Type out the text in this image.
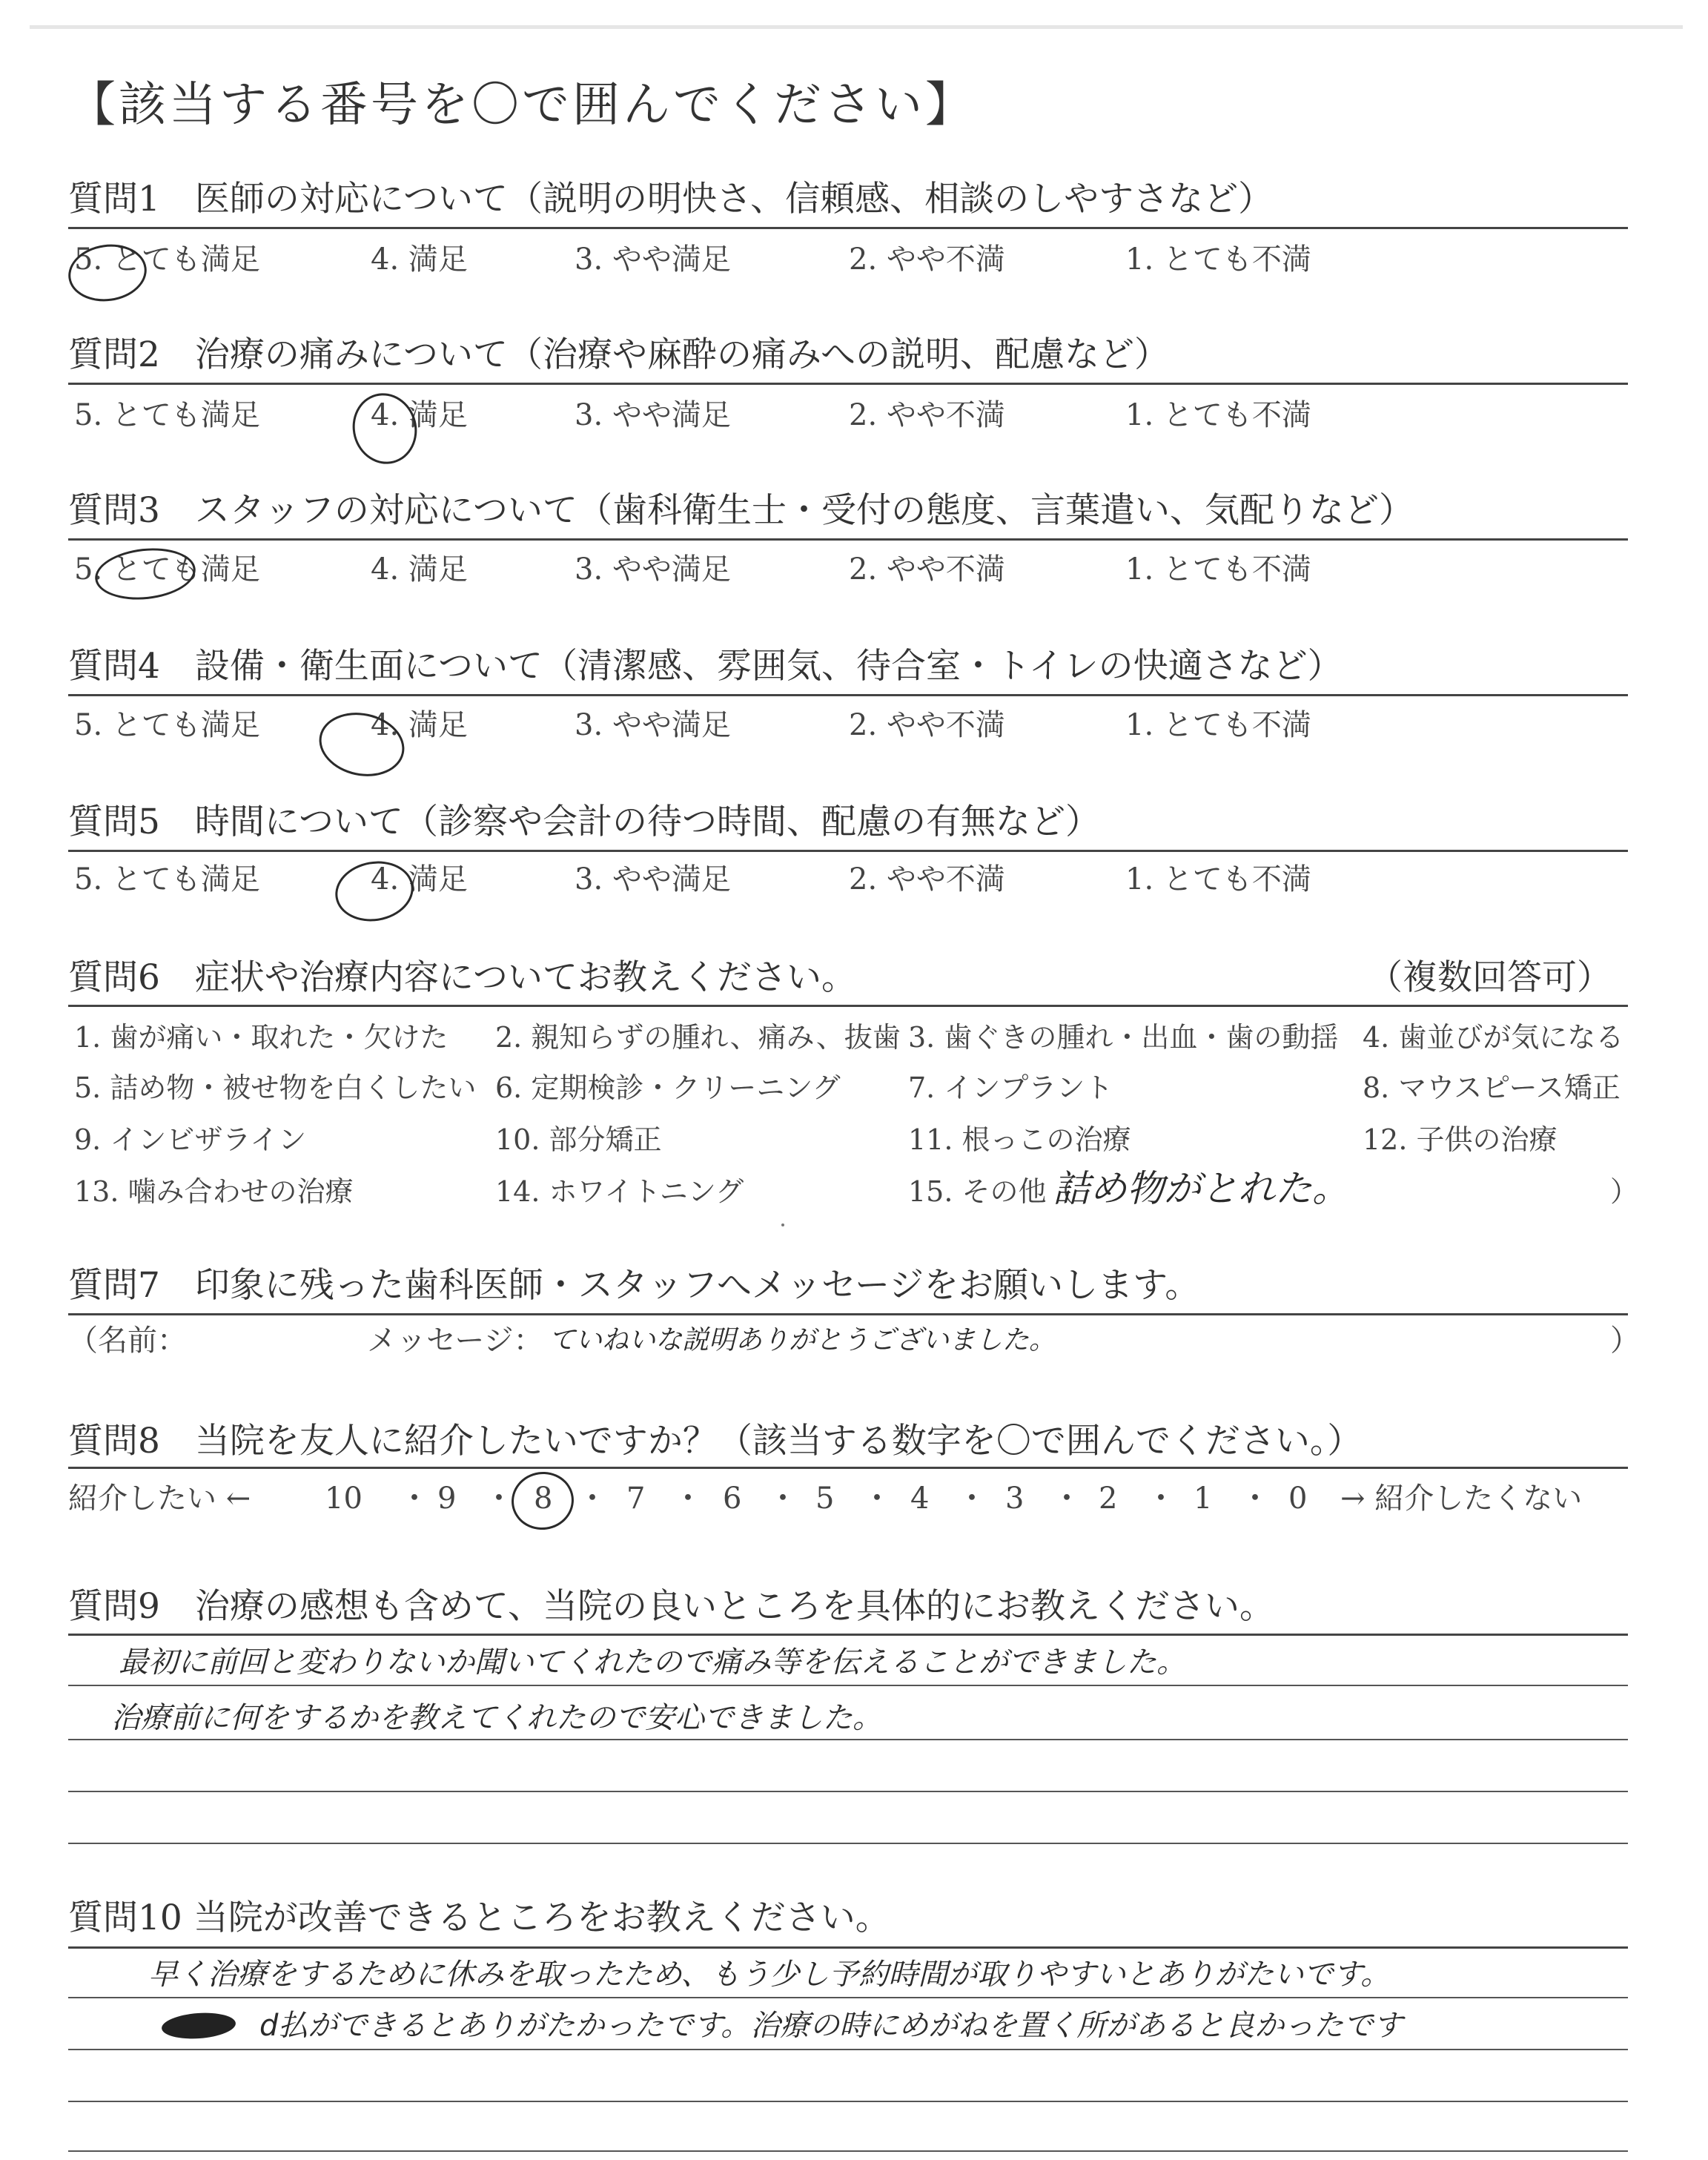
【該当する番号を〇で囲んでください】
質問1　医師の対応について（説明の明快さ、信頼感、相談のしやすさなど）
5. とても満足	4. 満足	3. やや満足	2. やや不満	1. とても不満
質問2　治療の痛みについて（治療や麻酔の痛みへの説明、配慮など）
5. とても満足	4. 満足	3. やや満足	2. やや不満	1. とても不満
質問3　スタッフの対応について（歯科衛生士・受付の態度、言葉遣い、気配りなど）
5. とても満足	4. 満足	3. やや満足	2. やや不満	1. とても不満
質問4　設備・衛生面について（清潔感、雰囲気、待合室・トイレの快適さなど）
5. とても満足	4. 満足	3. やや満足	2. やや不満	1. とても不満
質問5　時間について（診察や会計の待つ時間、配慮の有無など）
5. とても満足	4. 満足	3. やや満足	2. やや不満	1. とても不満
質問6　症状や治療内容についてお教えください。	（複数回答可）
1. 歯が痛い・取れた・欠けた 2. 親知らずの腫れ、痛み、抜歯 3. 歯ぐきの腫れ・出血・歯の動揺 4. 歯並びが気になる
5. 詰め物・被せ物を白くしたい 6. 定期検診・クリーニング 7. インプラント	8. マウスピース矯正
9. インビザライン	10. 部分矯正	11. 根っこの治療	12. 子供の治療
13. 噛み合わせの治療	14. ホワイトニング	15. その他（
詰め物がとれた。	）
質問7　印象に残った歯科医師・スタッフへメッセージをお願いします。
（名前：	メッセージ： ていねいな説明ありがとうございました。	）
質問8　当院を友人に紹介したいですか？（該当する数字を〇で囲んでください。）
紹介したい ←	→ 紹介したくない
10 ・ 9 ・ 8 ・ 7 ・ 6 ・ 5 ・ 4 ・ 3 ・ 2 ・ 1 ・ 0
質問9　治療の感想も含めて、当院の良いところを具体的にお教えください。
最初に前回と変わりないか聞いてくれたので痛み等を伝えることができました。
治療前に何をするかを教えてくれたので安心できました。
質問10 当院が改善できるところをお教えください。
早く治療をするために休みを取ったため、もう少し予約時間が取りやすいとありがたいです。
d払ができるとありがたかったです。治療の時にめがねを置く所があると良かったです
